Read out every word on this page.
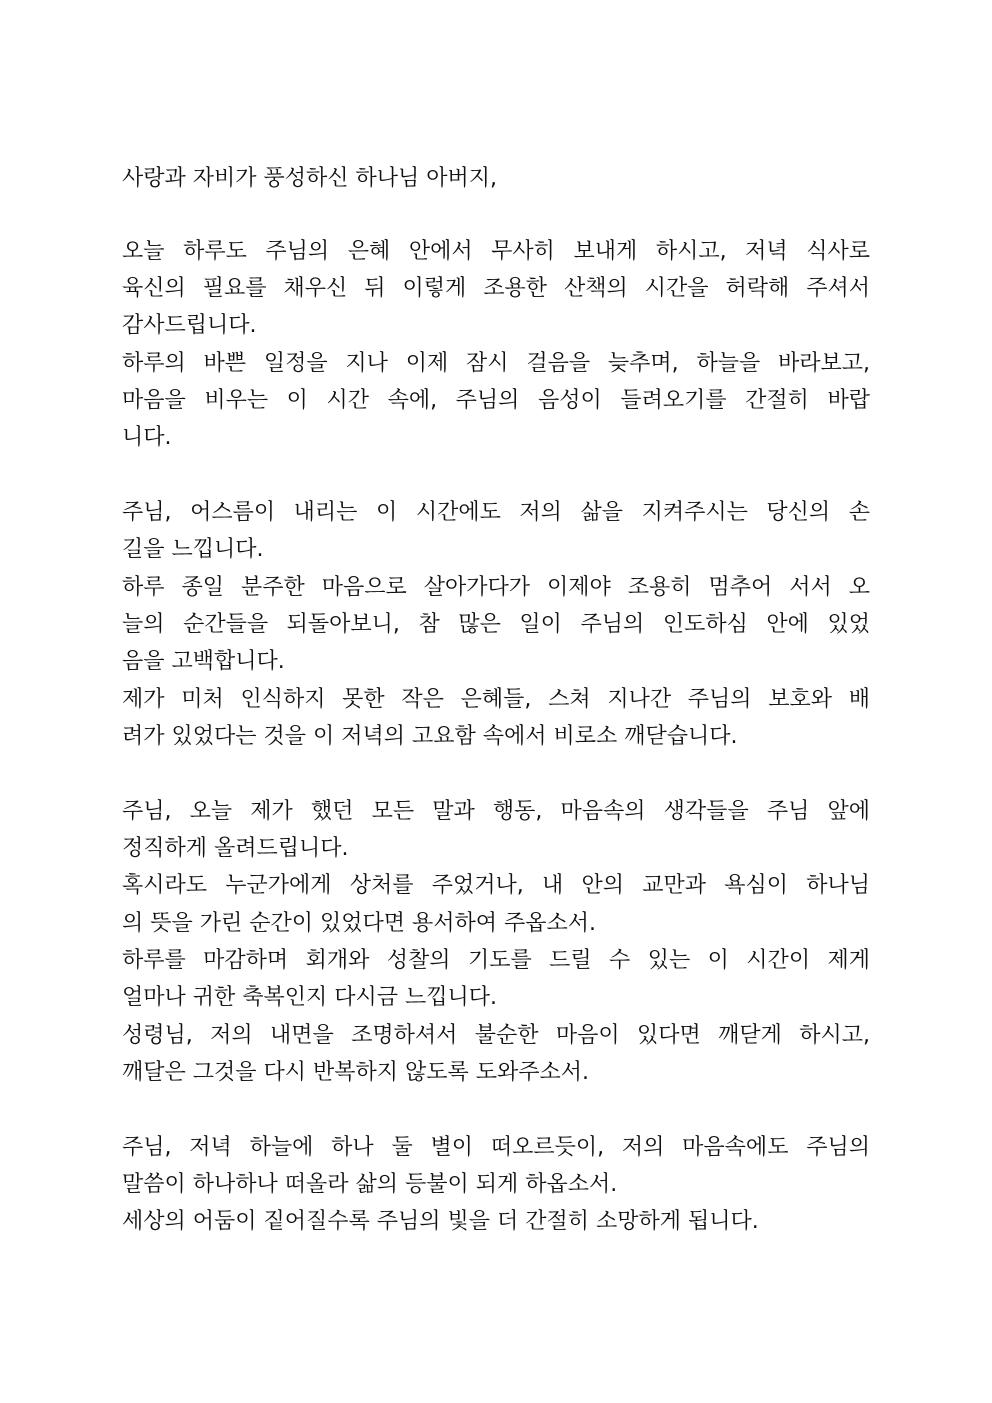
사랑과 자비가 풍성하신 하나님 아버지,
오늘 하루도 주님의 은혜 안에서 무사히 보내게 하시고, 저녁 식사로
육신의 필요를 채우신 뒤 이렇게 조용한 산책의 시간을 허락해 주셔서
감사드립니다.
하루의 바쁜 일정을 지나 이제 잠시 걸음을 늦추며, 하늘을 바라보고,
마음을 비우는 이 시간 속에, 주님의 음성이 들려오기를 간절히 바랍
니다.
주님, 어스름이 내리는 이 시간에도 저의 삶을 지켜주시는 당신의 손
길을 느낍니다.
하루 종일 분주한 마음으로 살아가다가 이제야 조용히 멈추어 서서 오
늘의 순간들을 되돌아보니, 참 많은 일이 주님의 인도하심 안에 있었
음을 고백합니다.
제가 미처 인식하지 못한 작은 은혜들, 스쳐 지나간 주님의 보호와 배
려가 있었다는 것을 이 저녁의 고요함 속에서 비로소 깨닫습니다.
주님, 오늘 제가 했던 모든 말과 행동, 마음속의 생각들을 주님 앞에
정직하게 올려드립니다.
혹시라도 누군가에게 상처를 주었거나, 내 안의 교만과 욕심이 하나님
의 뜻을 가린 순간이 있었다면 용서하여 주옵소서.
하루를 마감하며 회개와 성찰의 기도를 드릴 수 있는 이 시간이 제게
얼마나 귀한 축복인지 다시금 느낍니다.
성령님, 저의 내면을 조명하셔서 불순한 마음이 있다면 깨닫게 하시고,
깨달은 그것을 다시 반복하지 않도록 도와주소서.
주님, 저녁 하늘에 하나 둘 별이 떠오르듯이, 저의 마음속에도 주님의
말씀이 하나하나 떠올라 삶의 등불이 되게 하옵소서.
세상의 어둠이 짙어질수록 주님의 빛을 더 간절히 소망하게 됩니다.
